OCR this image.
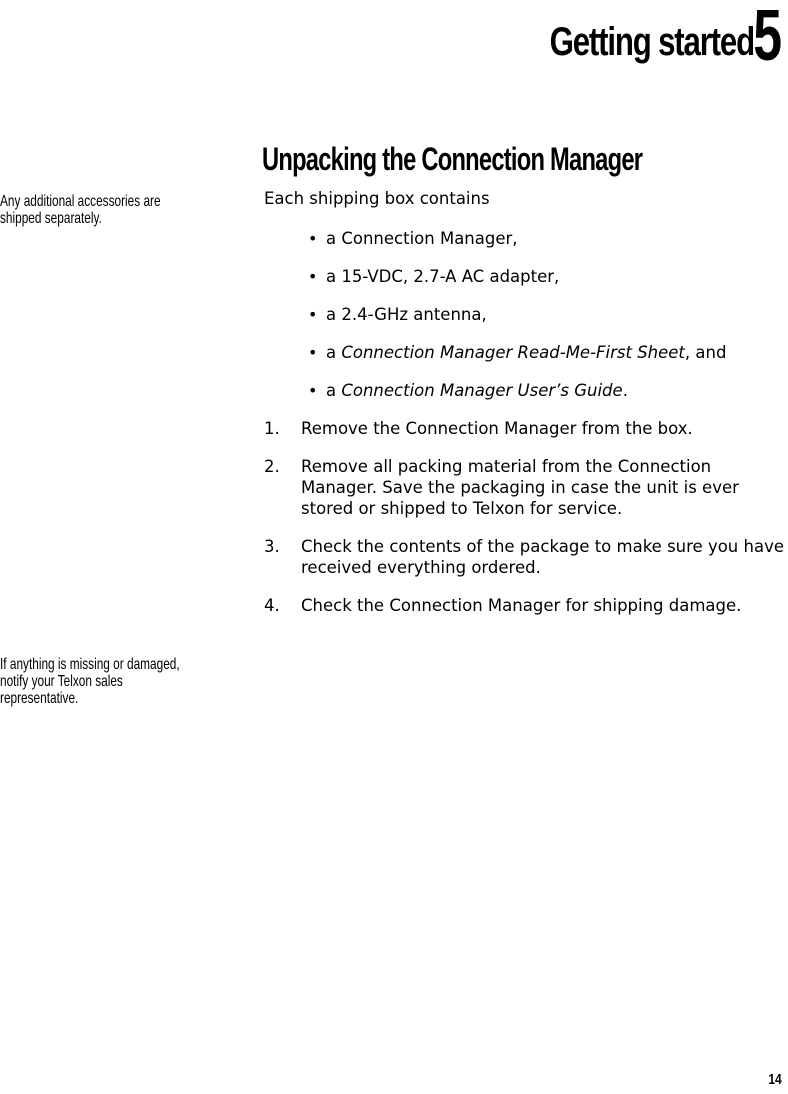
Getting started 5
Unpacking the Connection Manager
Any additional accessories are shipped separately.
If anything is missing or damaged, notify your Telxon sales representative.

Each shipping box contains

• a Connection Manager,
• a 15-VDC, 2.7-A AC adapter,
• a 2.4-GHz antenna,
• a Connection Manager Read-Me-First Sheet, and
• a Connection Manager User’s Guide.
1. Remove the Connection Manager from the box.
2. Remove all packing material from the Connection Manager. Save the packaging in case the unit is ever stored or shipped to Telxon for service.
3. Check the contents of the package to make sure you have received everything ordered.
4. Check the Connection Manager for shipping damage.
14
